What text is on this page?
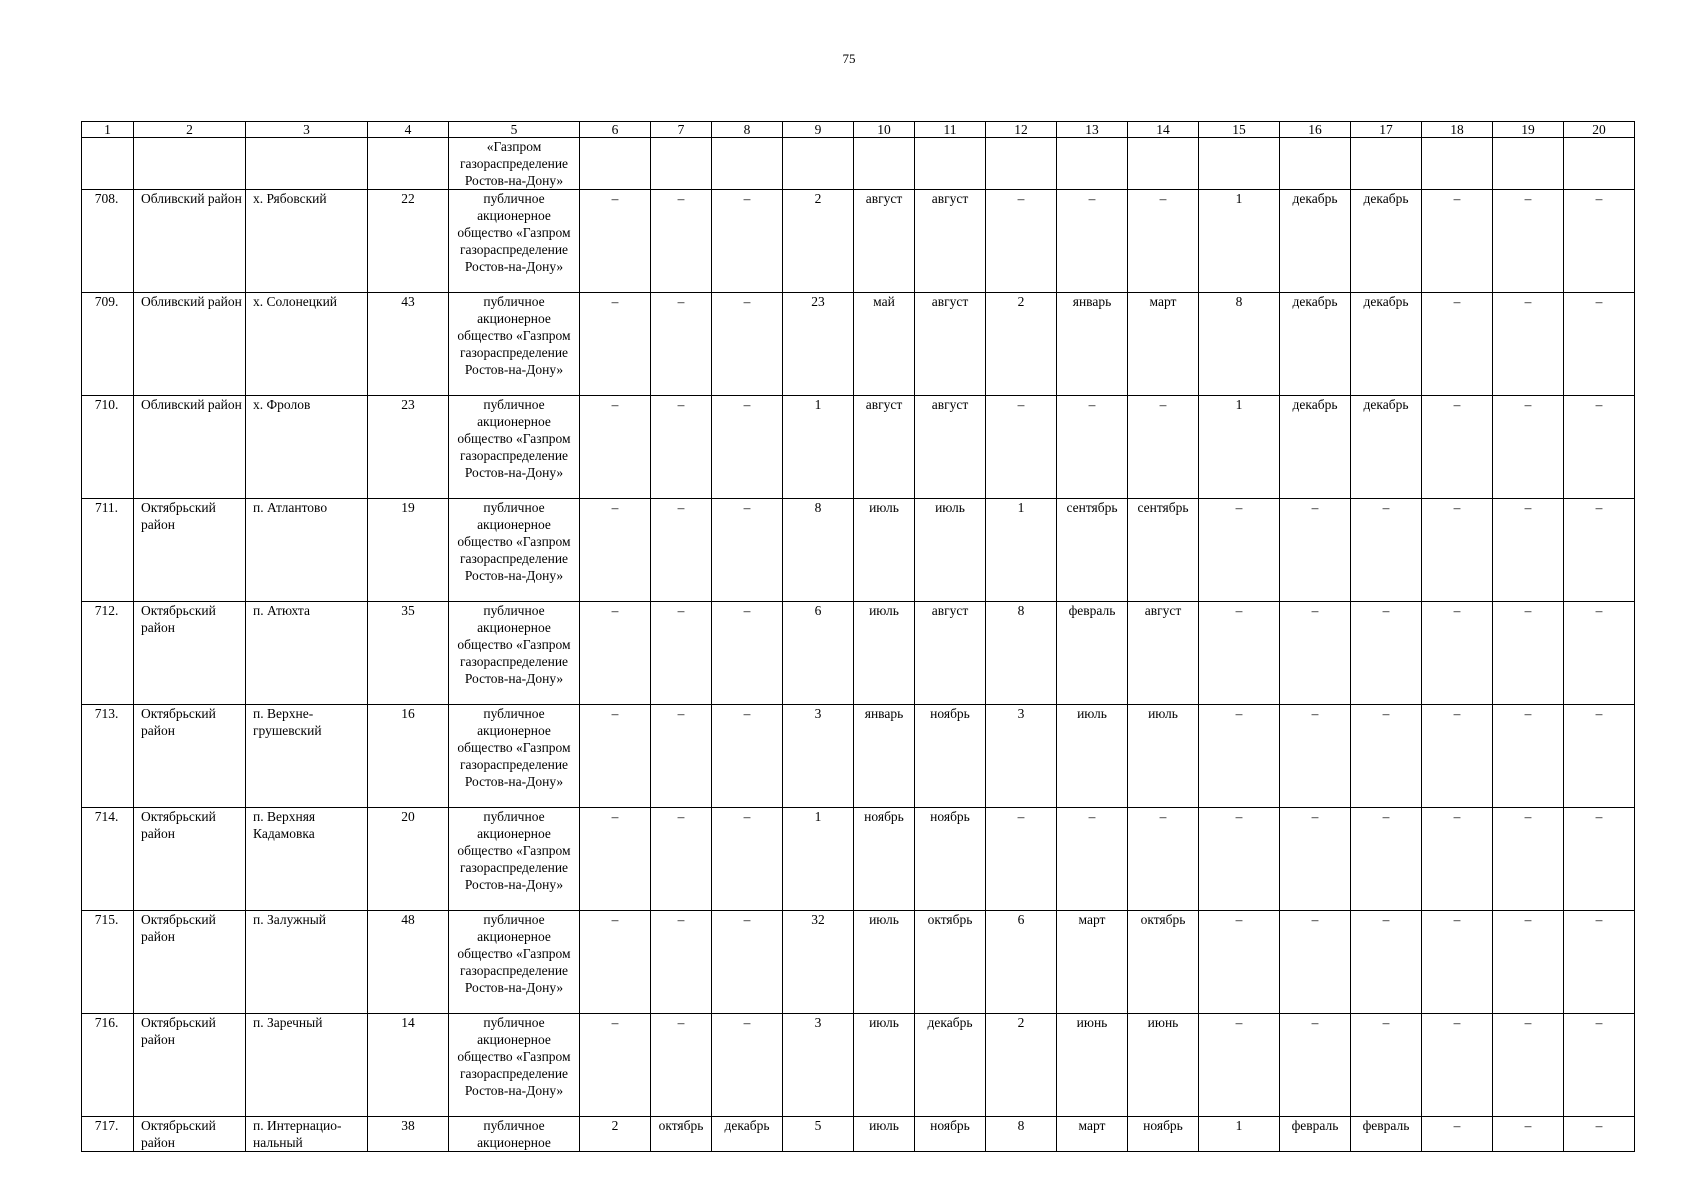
75
1	2	3	4	5	6	7	8	9	10	11	12	13	14	15	16	17	18	19	20
				«Газпром газораспределение Ростов-на-Дону»															
708.	Обливский район	х. Рябовский	22	публичное акционерное общество «Газпром газораспределение Ростов-на-Дону»	–	–	–	2	август	август	–	–	–	1	декабрь	декабрь	–	–	–
709.	Обливский район	х. Солонецкий	43	публичное акционерное общество «Газпром газораспределение Ростов-на-Дону»	–	–	–	23	май	август	2	январь	март	8	декабрь	декабрь	–	–	–
710.	Обливский район	х. Фролов	23	публичное акционерное общество «Газпром газораспределение Ростов-на-Дону»	–	–	–	1	август	август	–	–	–	1	декабрь	декабрь	–	–	–
711.	Октябрьский район	п. Атлантово	19	публичное акционерное общество «Газпром газораспределение Ростов-на-Дону»	–	–	–	8	июль	июль	1	сентябрь	сентябрь	–	–	–	–	–	–
712.	Октябрьский район	п. Атюхта	35	публичное акционерное общество «Газпром газораспределение Ростов-на-Дону»	–	–	–	6	июль	август	8	февраль	август	–	–	–	–	–	–
713.	Октябрьский район	п. Верхне-грушевский	16	публичное акционерное общество «Газпром газораспределение Ростов-на-Дону»	–	–	–	3	январь	ноябрь	3	июль	июль	–	–	–	–	–	–
714.	Октябрьский район	п. Верхняя Кадамовка	20	публичное акционерное общество «Газпром газораспределение Ростов-на-Дону»	–	–	–	1	ноябрь	ноябрь	–	–	–	–	–	–	–	–	–
715.	Октябрьский район	п. Залужный	48	публичное акционерное общество «Газпром газораспределение Ростов-на-Дону»	–	–	–	32	июль	октябрь	6	март	октябрь	–	–	–	–	–	–
716.	Октябрьский район	п. Заречный	14	публичное акционерное общество «Газпром газораспределение Ростов-на-Дону»	–	–	–	3	июль	декабрь	2	июнь	июнь	–	–	–	–	–	–
717.	Октябрьский район	п. Интернацио-нальный	38	публичное акционерное	2	октябрь	декабрь	5	июль	ноябрь	8	март	ноябрь	1	февраль	февраль	–	–	–
